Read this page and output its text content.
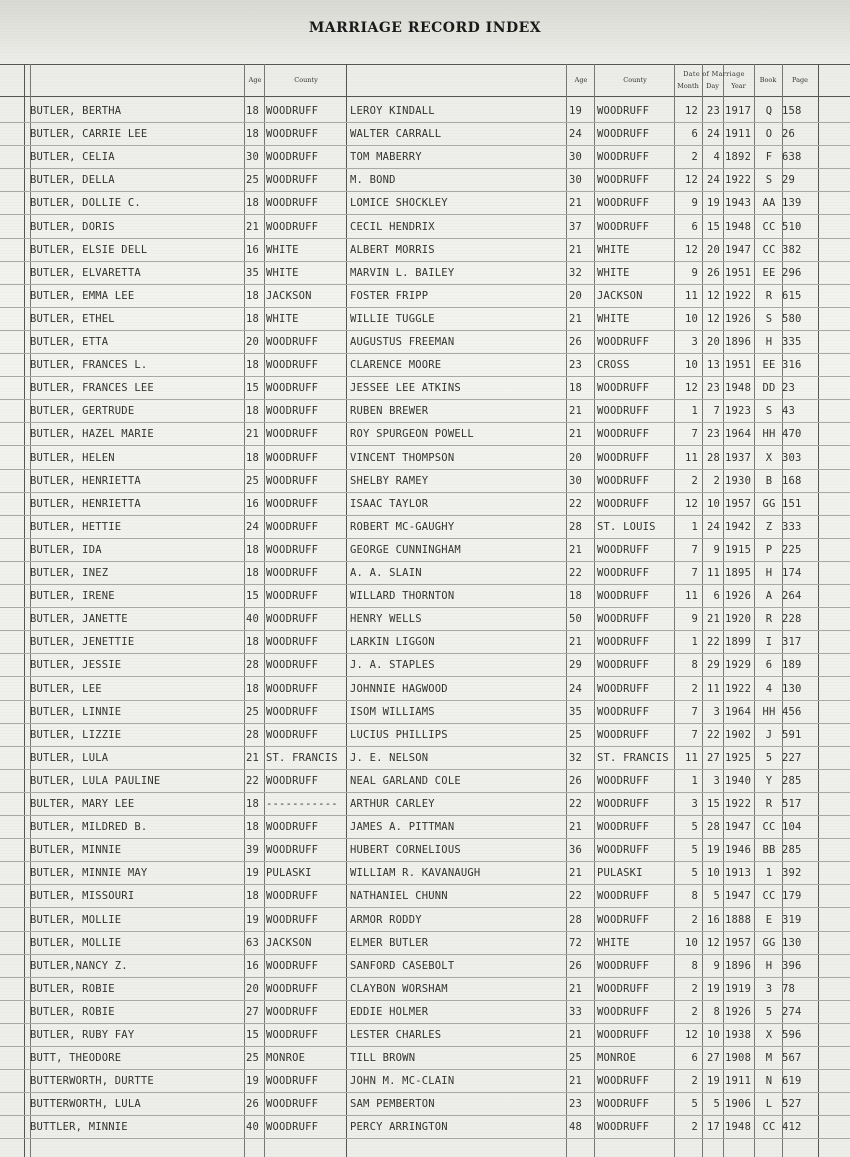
MARRIAGE RECORD INDEX
Age	County	Age	County
Date of Marriage
Month	Day	Year
Book	Page
BUTLER, BERTHA	18 WOODRUFF	LEROY KINDALL	19	WOODRUFF	12 23 1917	Q 158
BUTLER, CARRIE LEE	18 WOODRUFF	WALTER CARRALL	24	WOODRUFF	6 24 1911	O 26
BUTLER, CELIA	30 WOODRUFF	TOM MABERRY	30	WOODRUFF	2	4 1892	F 638
BUTLER, DELLA	25 WOODRUFF	M. BOND	30	WOODRUFF	12 24 1922	S 29
BUTLER, DOLLIE C.	18 WOODRUFF	LOMICE SHOCKLEY	21	WOODRUFF	9 19 1943	AA 139
BUTLER, DORIS	21 WOODRUFF	CECIL HENDRIX	37	WOODRUFF	6 15 1948	CC 510
BUTLER, ELSIE DELL	16 WHITE	ALBERT MORRIS	21	WHITE	12 20 1947	CC 382
BUTLER, ELVARETTA	35 WHITE	MARVIN L. BAILEY	32	WHITE	9 26 1951	EE 296
BUTLER, EMMA LEE	18 JACKSON	FOSTER FRIPP	20	JACKSON	11 12 1922	R 615
BUTLER, ETHEL	18 WHITE	WILLIE TUGGLE	21	WHITE	10 12 1926	S 580
BUTLER, ETTA	20 WOODRUFF	AUGUSTUS FREEMAN	26	WOODRUFF	3 20 1896	H 335
BUTLER, FRANCES L.	18 WOODRUFF	CLARENCE MOORE	23	CROSS	10 13 1951	EE 316
BUTLER, FRANCES LEE	15 WOODRUFF	JESSEE LEE ATKINS	18	WOODRUFF	12 23 1948	DD 23
BUTLER, GERTRUDE	18 WOODRUFF	RUBEN BREWER	21	WOODRUFF	1	7 1923	S 43
BUTLER, HAZEL MARIE	21 WOODRUFF	ROY SPURGEON POWELL	21	WOODRUFF	7 23 1964	HH 470
BUTLER, HELEN	18 WOODRUFF	VINCENT THOMPSON	20	WOODRUFF	11 28 1937	X 303
BUTLER, HENRIETTA	25 WOODRUFF	SHELBY RAMEY	30	WOODRUFF	2	2 1930	B 168
BUTLER, HENRIETTA	16 WOODRUFF	ISAAC TAYLOR	22	WOODRUFF	12 10 1957	GG 151
BUTLER, HETTIE	24 WOODRUFF	ROBERT MC-GAUGHY	28	ST. LOUIS	1 24 1942	Z 333
BUTLER, IDA	18 WOODRUFF	GEORGE CUNNINGHAM	21	WOODRUFF	7	9 1915	P 225
BUTLER, INEZ	18 WOODRUFF	A. A. SLAIN	22	WOODRUFF	7 11 1895	H 174
BUTLER, IRENE	15 WOODRUFF	WILLARD THORNTON	18	WOODRUFF	11	6 1926	A 264
BUTLER, JANETTE	40 WOODRUFF	HENRY WELLS	50	WOODRUFF	9 21 1920	R 228
BUTLER, JENETTIE	18 WOODRUFF	LARKIN LIGGON	21	WOODRUFF	1 22 1899	I 317
BUTLER, JESSIE	28 WOODRUFF	J. A. STAPLES	29	WOODRUFF	8 29 1929	6 189
BUTLER, LEE	18 WOODRUFF	JOHNNIE HAGWOOD	24	WOODRUFF	2 11 1922	4 130
BUTLER, LINNIE	25 WOODRUFF	ISOM WILLIAMS	35	WOODRUFF	7	3 1964	HH 456
BUTLER, LIZZIE	28 WOODRUFF	LUCIUS PHILLIPS	25	WOODRUFF	7 22 1902	J 591
BUTLER, LULA	21 ST. FRANCIS	J. E. NELSON	32	ST. FRANCIS	11 27 1925	5 227
BUTLER, LULA PAULINE	22 WOODRUFF	NEAL GARLAND COLE	26	WOODRUFF	1	3 1940	Y 285
BULTER, MARY LEE	18 -----------	ARTHUR CARLEY	22	WOODRUFF	3 15 1922	R 517
BUTLER, MILDRED B.	18 WOODRUFF	JAMES A. PITTMAN	21	WOODRUFF	5 28 1947	CC 104
BUTLER, MINNIE	39 WOODRUFF	HUBERT CORNELIOUS	36	WOODRUFF	5 19 1946	BB 285
BUTLER, MINNIE MAY	19 PULASKI	WILLIAM R. KAVANAUGH	21	PULASKI	5 10 1913	1 392
BUTLER, MISSOURI	18 WOODRUFF	NATHANIEL CHUNN	22	WOODRUFF	8	5 1947	CC 179
BUTLER, MOLLIE	19 WOODRUFF	ARMOR RODDY	28	WOODRUFF	2 16 1888	E 319
BUTLER, MOLLIE	63 JACKSON	ELMER BUTLER	72	WHITE	10 12 1957	GG 130
BUTLER,NANCY Z.	16 WOODRUFF	SANFORD CASEBOLT	26	WOODRUFF	8	9 1896	H 396
BUTLER, ROBIE	20 WOODRUFF	CLAYBON WORSHAM	21	WOODRUFF	2 19 1919	3 78
BUTLER, ROBIE	27 WOODRUFF	EDDIE HOLMER	33	WOODRUFF	2	8 1926	5 274
BUTLER, RUBY FAY	15 WOODRUFF	LESTER CHARLES	21	WOODRUFF	12 10 1938	X 596
BUTT, THEODORE	25 MONROE	TILL BROWN	25	MONROE	6 27 1908	M 567
BUTTERWORTH, DURTTE	19 WOODRUFF	JOHN M. MC-CLAIN	21	WOODRUFF	2 19 1911	N 619
BUTTERWORTH, LULA	26 WOODRUFF	SAM PEMBERTON	23	WOODRUFF	5	5 1906	L 527
BUTTLER, MINNIE	40 WOODRUFF	PERCY ARRINGTON	48	WOODRUFF	2 17 1948	CC 412
